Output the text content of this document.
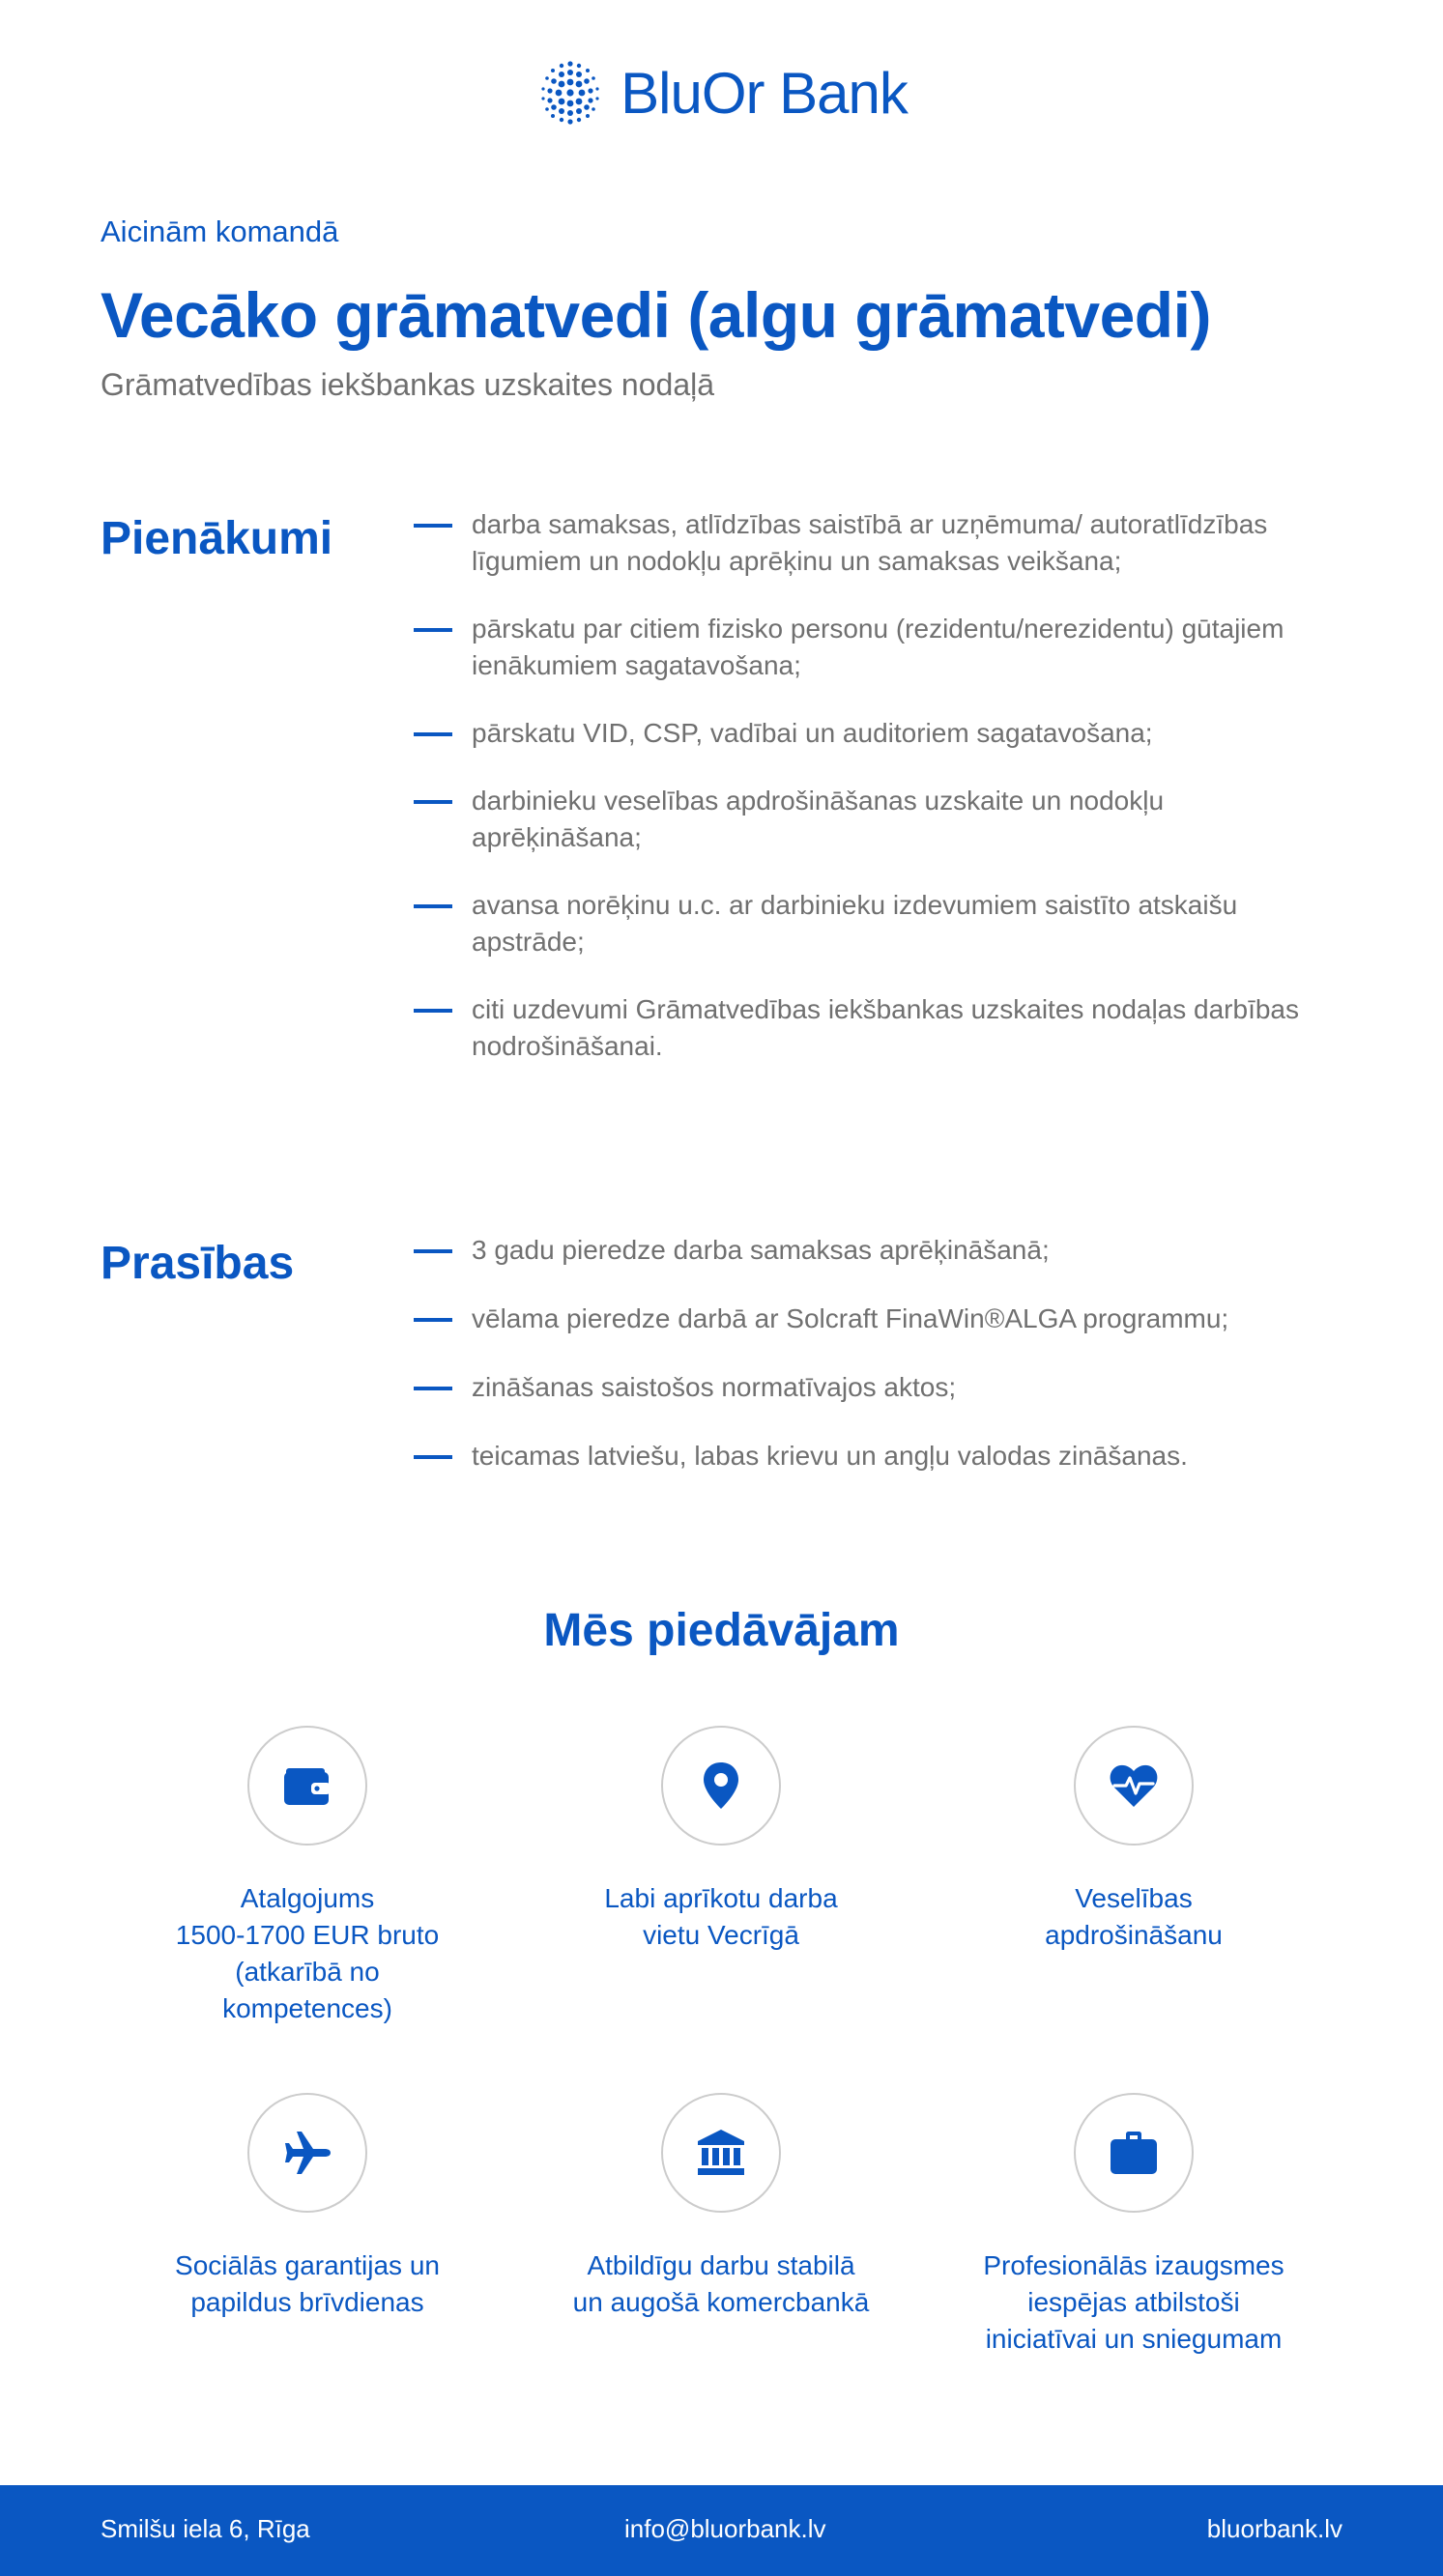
BluOr Bank
Aicinām komandā
Vecāko grāmatvedi (algu grāmatvedi)
Grāmatvedības iekšbankas uzskaites nodaļā
Pienākumi	darba samaksas, atlīdzības saistībā ar uzņēmuma/ autoratlīdzības līgumiem un nodokļu aprēķinu un samaksas veikšana;
pārskatu par citiem fizisko personu (rezidentu/nerezidentu) gūtajiem ienākumiem sagatavošana;
pārskatu VID, CSP, vadībai un auditoriem sagatavošana;
darbinieku veselības apdrošināšanas uzskaite un nodokļu aprēķināšana;
avansa norēķinu u.c. ar darbinieku izdevumiem saistīto atskaišu apstrāde;
citi uzdevumi Grāmatvedības iekšbankas uzskaites nodaļas darbības nodrošināšanai.
Prasības	3 gadu pieredze darba samaksas aprēķināšanā;
vēlama pieredze darbā ar Solcraft FinaWin®ALGA programmu;
zināšanas saistošos normatīvajos aktos;
teicamas latviešu, labas krievu un angļu valodas zināšanas.
Mēs piedāvājam
Atalgojums
1500-1700 EUR bruto
(atkarībā no
kompetences)
Labi aprīkotu darba
vietu Vecrīgā
Veselības
apdrošināšanu
Sociālās garantijas un
papildus brīvdienas
Atbildīgu darbu stabilā
un augošā komercbankā
Profesionālās izaugsmes
iespējas atbilstoši
iniciatīvai un sniegumam
Smilšu iela 6, Rīga	info@bluorbank.lv	bluorbank.lv
